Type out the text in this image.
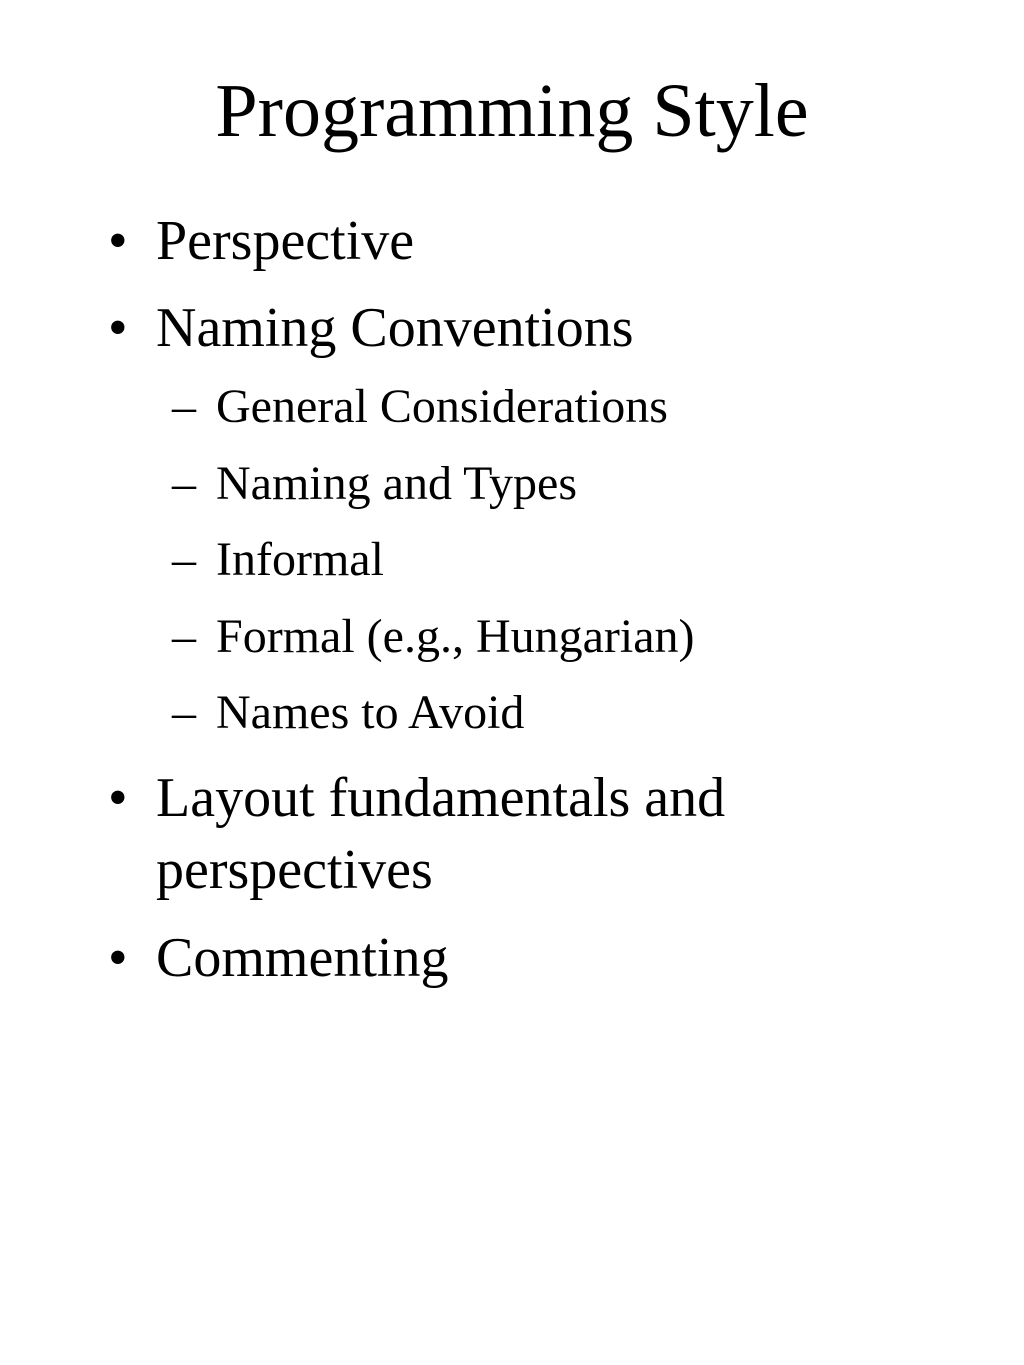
Programming Style
• Perspective
• Naming Conventions
– General Considerations
– Naming and Types
– Informal
– Formal (e.g., Hungarian)
– Names to Avoid
• Layout fundamentals and perspectives
• Commenting
